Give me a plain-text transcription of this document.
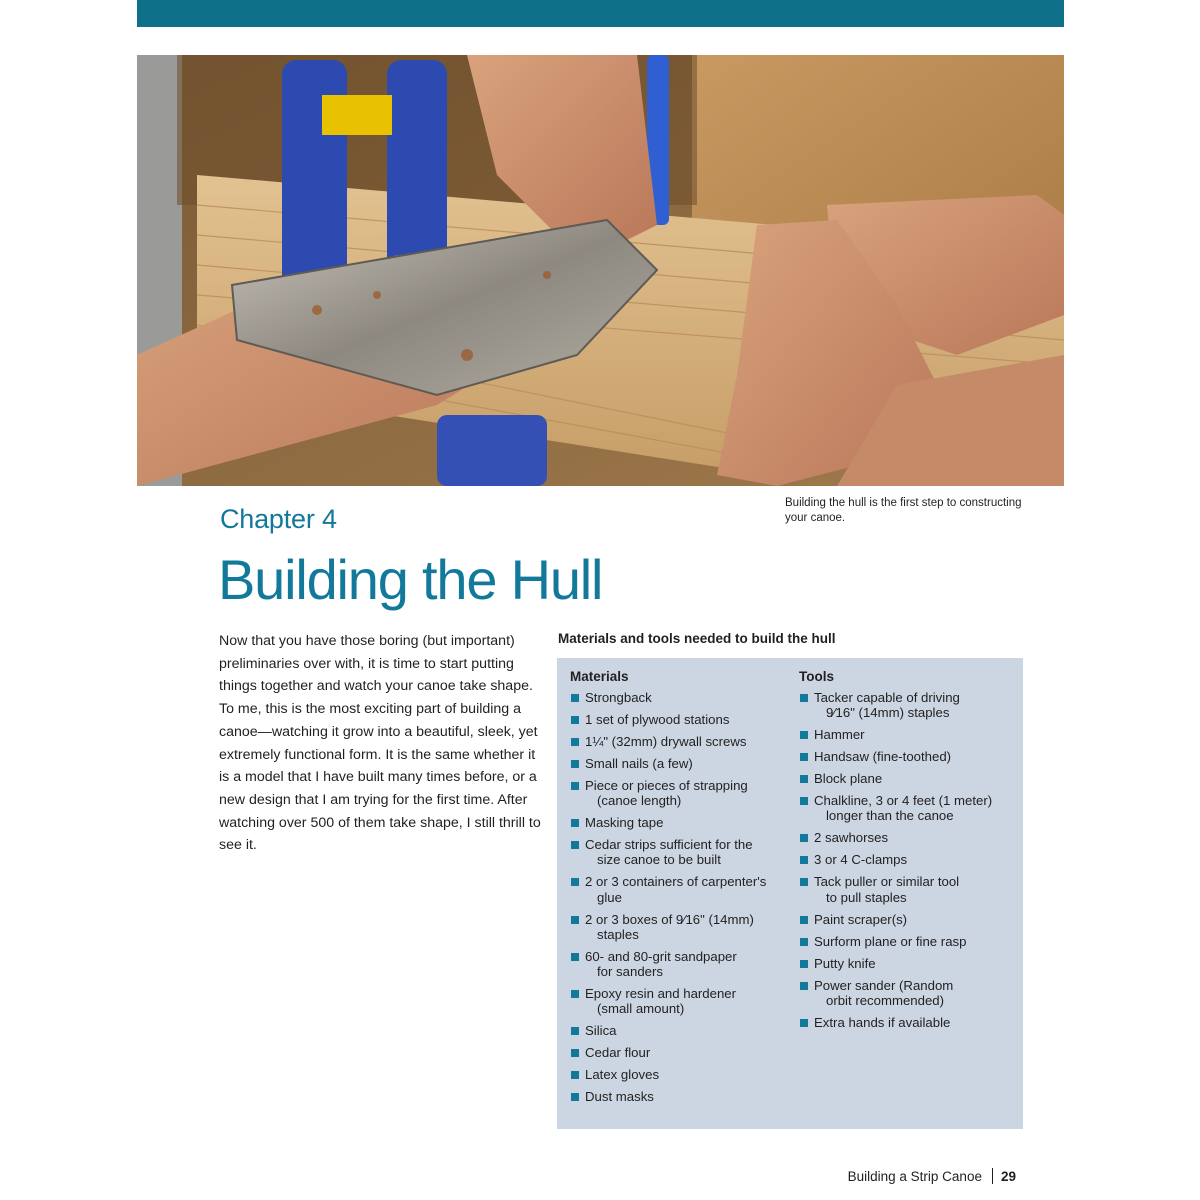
Building the hull is the first step to constructing your canoe.
Chapter 4
Building the Hull

Now that you have those boring (but important) preliminaries over with, it is time to start putting things together and watch your canoe take shape. To me, this is the most exciting part of building a canoe—watching it grow into a beautiful, sleek, yet extremely functional form. It is the same whether it is a model that I have built many times before, or a new design that I am trying for the first time. After watching over 500 of them take shape, I still thrill to see it.

Materials and tools needed to build the hull
Materials
Strongback
1 set of plywood stations
1¼" (32mm) drywall screws
Small nails (a few)
Piece or pieces of strapping
(canoe length)
Masking tape
Cedar strips sufficient for the
size canoe to be built
2 or 3 containers of carpenter's
glue
2 or 3 boxes of 9⁄16" (14mm)
staples
60- and 80-grit sandpaper
for sanders
Epoxy resin and hardener
(small amount)
Silica
Cedar flour
Latex gloves
Dust masks
Tools
Tacker capable of driving
9⁄16" (14mm) staples
Hammer
Handsaw (fine-toothed)
Block plane
Chalkline, 3 or 4 feet (1 meter)
longer than the canoe
2 sawhorses
3 or 4 C-clamps
Tack puller or similar tool
to pull staples
Paint scraper(s)
Surform plane or fine rasp
Putty knife
Power sander (Random
orbit recommended)
Extra hands if available
Building a Strip Canoe 29
